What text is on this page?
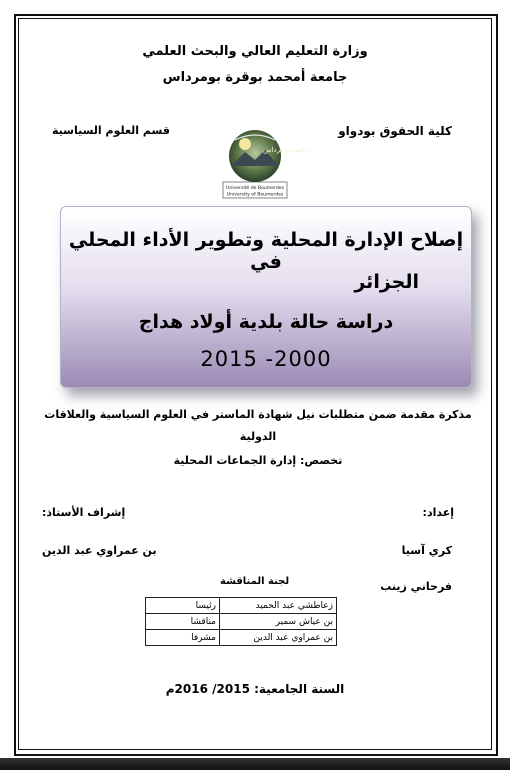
وزارة التعليم العالي والبحث العلمي
جامعة أمحمد بوقرة بومرداس
كلية الحقوق بودواو
قسم العلوم السياسية
جـامعة بومرداس
Université de Boumerdes
University of Boumerdes
إصلاح الإدارة المحلية وتطوير الأداء المحلي في
الجزائر
دراسة حالة بلدية أولاد هداج
2015 -2000
مذكرة مقدمة ضمن متطلبات نيل شهادة الماستر في العلوم السياسية والعلاقات
الدولية
تخصص: إدارة الجماعات المحلية
إعداد:
إشراف الأستاذ:
كري آسيا
بن عمراوي عبد الدين
فرحاني زينب
لجنة المناقشة
زعاطشي عبد الحميد	رئيسا
بن عياش سمير	مناقشا
بن عمراوي عبد الدين	مشرفا
السنة الجامعية: 2015/ 2016م
